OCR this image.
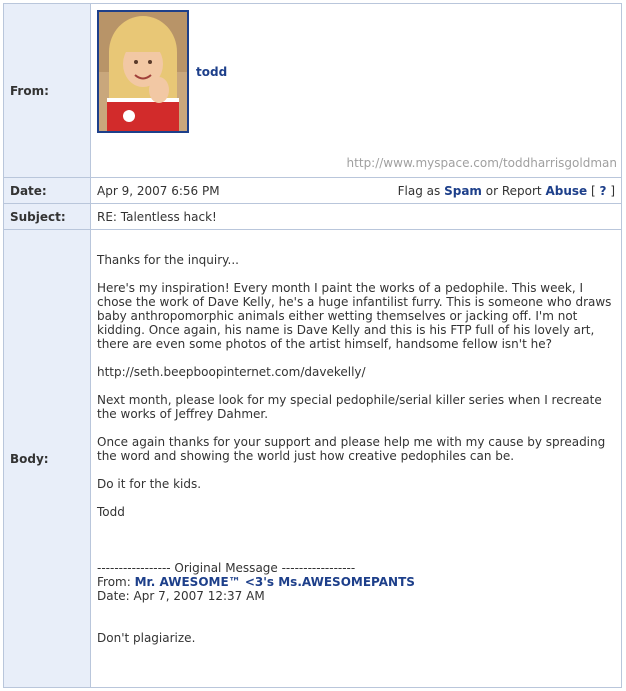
From:
todd
http://www.myspace.com/toddharrisgoldman
Date:	Apr 9, 2007 6:56 PM	Flag as Spam or Report Abuse [ ? ]
Subject:	RE: Talentless hack!
Body:

Thanks for the inquiry...

Here's my inspiration! Every month I paint the works of a pedophile. This week, I chose the work of Dave Kelly, he's a huge infantilist furry. This is someone who draws baby anthropomorphic animals either wetting themselves or jacking off. I'm not kidding. Once again, his name is Dave Kelly and this is his FTP full of his lovely art, there are even some photos of the artist himself, handsome fellow isn't he?

http://seth.beepboopinternet.com/davekelly/

Next month, please look for my special pedophile/serial killer series when I recreate the works of Jeffrey Dahmer.

Once again thanks for your support and please help me with my cause by spreading the word and showing the world just how creative pedophiles can be.

Do it for the kids.

Todd

----------------- Original Message -----------------
From: Mr. AWESOME™ <3's Ms.AWESOMEPANTS
Date: Apr 7, 2007 12:37 AM

Don't plagiarize.
